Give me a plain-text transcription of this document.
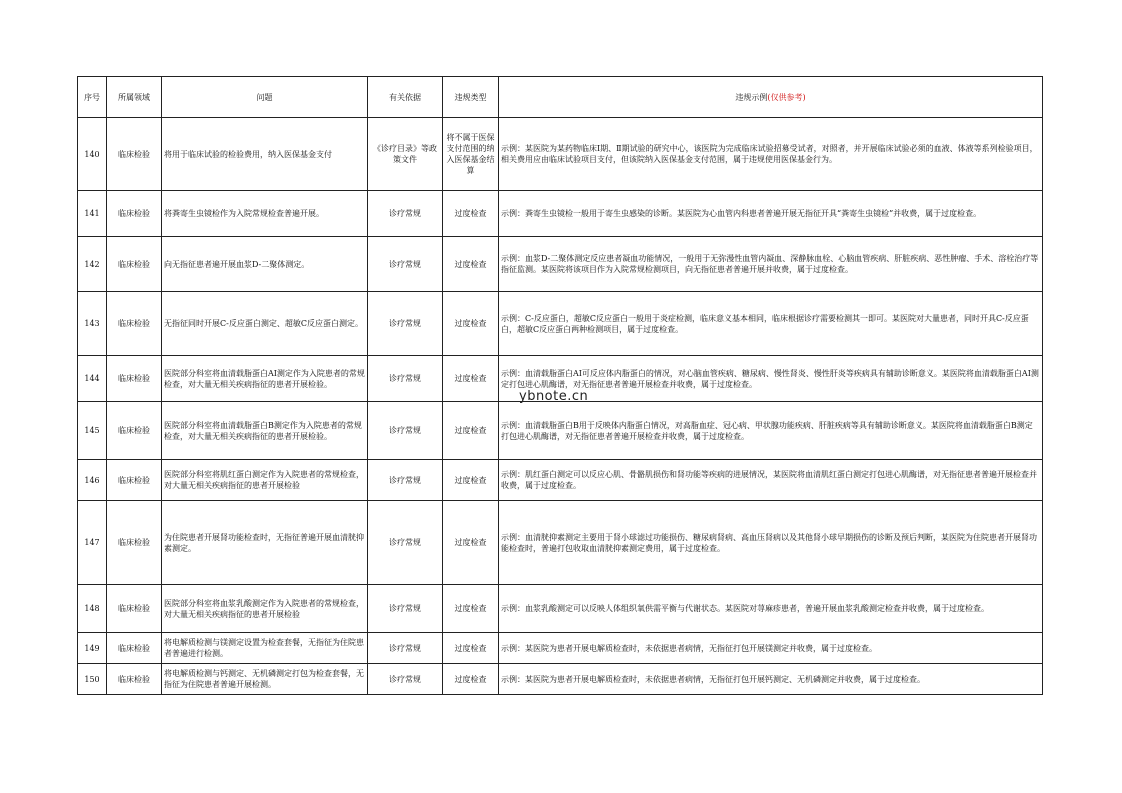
序号	所属领域	问题	有关依据	违规类型	违规示例(仅供参考)
140	临床检验	将用于临床试验的检验费用，纳入医保基金支付	《诊疗目录》等政策文件	将不属于医保支付范围的纳入医保基金结算	示例：某医院为某药物临床Ⅰ期、Ⅱ期试验的研究中心，该医院为完成临床试验招募受试者，对照者，并开展临床试验必须的血液、体液等系列检验项目，相关费用应由临床试验项目支付，但该院纳入医保基金支付范围，属于违规使用医保基金行为。
141	临床检验	将粪寄生虫镜检作为入院常规检查普遍开展。	诊疗常规	过度检查	示例：粪寄生虫镜检一般用于寄生虫感染的诊断。某医院为心血管内科患者普遍开展无指征开具“粪寄生虫镜检”并收费，属于过度检查。
142	临床检验	向无指征患者遍开展血浆D-二聚体测定。	诊疗常规	过度检查	示例：血浆D-二聚体测定反应患者凝血功能情况，一般用于无弥漫性血管内凝血、深静脉血栓、心脑血管疾病、肝脏疾病、恶性肿瘤、手术、溶栓治疗等指征监测。某医院将该项目作为入院常规检测项目，向无指征患者普遍开展并收费，属于过度检查。
143	临床检验	无指征同时开展C-反应蛋白测定、超敏C反应蛋白测定。	诊疗常规	过度检查	示例：C-反应蛋白，超敏C反应蛋白一般用于炎症检测，临床意义基本相同，临床根据诊疗需要检测其一即可。某医院对大量患者，同时开具C-反应蛋白，超敏C反应蛋白两种检测项目，属于过度检查。
144	临床检验	医院部分科室将血清载脂蛋白AI测定作为入院患者的常规检查，对大量无相关疾病指征的患者开展检验。	诊疗常规	过度检查	示例：血清载脂蛋白AI可反应体内脂蛋白的情况，对心脑血管疾病、糖尿病、慢性肾炎、慢性肝炎等疾病具有辅助诊断意义。某医院将血清载脂蛋白AI测定打包进心肌酶谱，对无指征患者普遍开展检查并收费，属于过度检查。
145	临床检验	医院部分科室将血清载脂蛋白B测定作为入院患者的常规检查，对大量无相关疾病指征的患者开展检验。	诊疗常规	过度检查	示例：血清载脂蛋白B用于反映体内脂蛋白情况，对高脂血症、冠心病、甲状腺功能疾病、肝脏疾病等具有辅助诊断意义。某医院将血清载脂蛋白B测定打包进心肌酶谱，对无指征患者普遍开展检查并收费，属于过度检查。
146	临床检验	医院部分科室将肌红蛋白测定作为入院患者的常规检查，对大量无相关疾病指征的患者开展检验	诊疗常规	过度检查	示例：肌红蛋白测定可以反应心肌、骨骼肌损伤和肾功能等疾病的进展情况，某医院将血清肌红蛋白测定打包进心肌酶谱，对无指征患者普遍开展检查并收费，属于过度检查。
147	临床检验	为住院患者开展肾功能检查时，无指征普遍开展血清胱抑素测定。	诊疗常规	过度检查	示例：血清胱抑素测定主要用于肾小球滤过功能损伤、糖尿病肾病、高血压肾病以及其他肾小球早期损伤的诊断及预后判断，某医院为住院患者开展肾功能检查时，普遍打包收取血清胱抑素测定费用，属于过度检查。
148	临床检验	医院部分科室将血浆乳酸测定作为入院患者的常规检查，对大量无相关疾病指征的患者开展检验	诊疗常规	过度检查	示例：血浆乳酸测定可以反映人体组织氧供需平衡与代谢状态。某医院对荨麻疹患者，普遍开展血浆乳酸测定检查并收费，属于过度检查。
149	临床检验	将电解质检测与镁测定设置为检查套餐，无指征为住院患者普遍进行检测。	诊疗常规	过度检查	示例：某医院为患者开展电解质检查时，未依据患者病情，无指征打包开展镁测定并收费，属于过度检查。
150	临床检验	将电解质检测与钙测定、无机磷测定打包为检查套餐，无指征为住院患者普遍开展检测。	诊疗常规	过度检查	示例：某医院为患者开展电解质检查时，未依据患者病情，无指征打包开展钙测定、无机磷测定并收费，属于过度检查。
ybnote.cn
